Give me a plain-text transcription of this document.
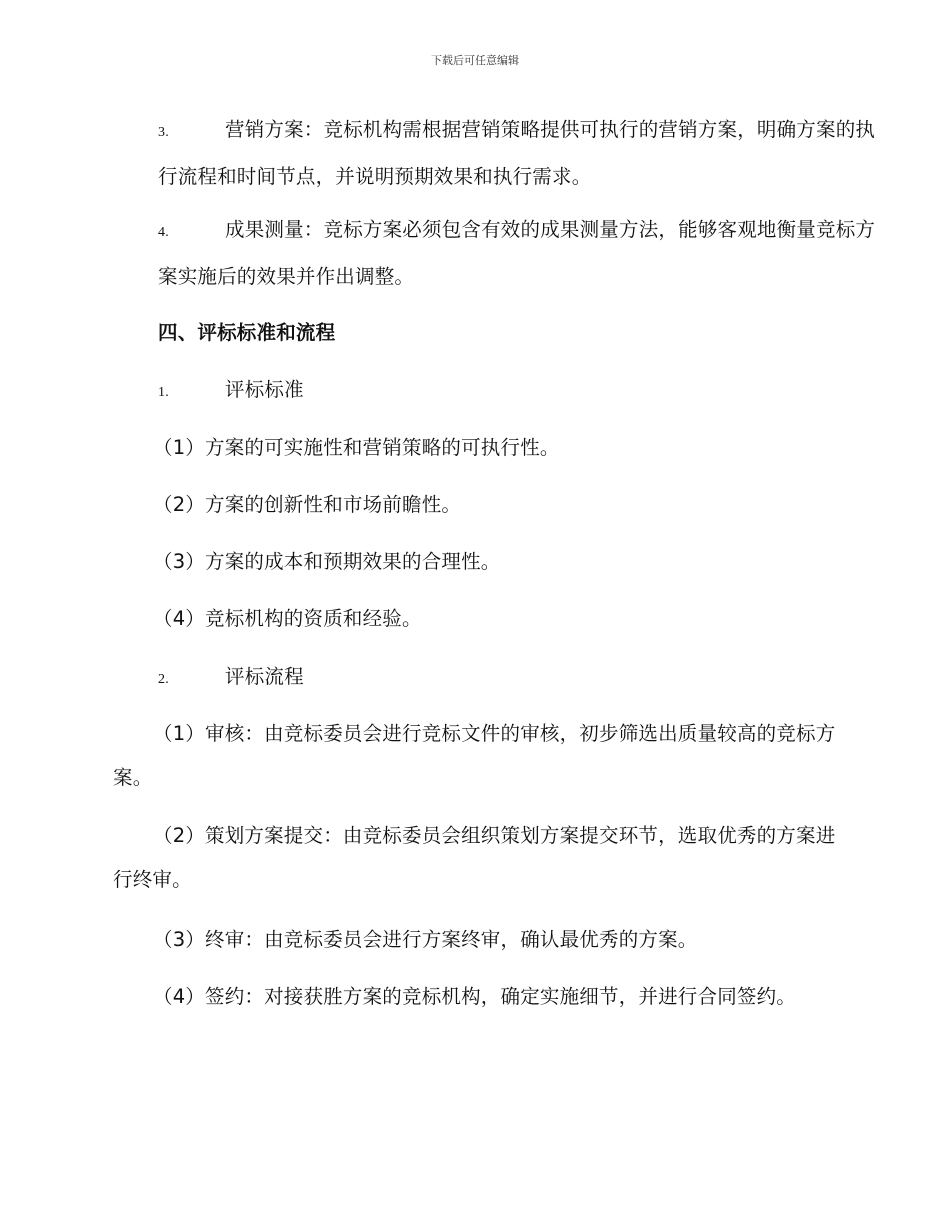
下载后可任意编辑
3.	营销方案：竞标机构需根据营销策略提供可执行的营销方案，明确方案的执行流程和时间节点，并说明预期效果和执行需求。
4.	成果测量：竞标方案必须包含有效的成果测量方法，能够客观地衡量竞标方案实施后的效果并作出调整。
四、评标标准和流程
1.	评标标准
（1）方案的可实施性和营销策略的可执行性。
（2）方案的创新性和市场前瞻性。
（3）方案的成本和预期效果的合理性。
（4）竞标机构的资质和经验。
2.	评标流程
（1）审核：由竞标委员会进行竞标文件的审核，初步筛选出质量较高的竞标方案。
（2）策划方案提交：由竞标委员会组织策划方案提交环节，选取优秀的方案进行终审。
（3）终审：由竞标委员会进行方案终审，确认最优秀的方案。
（4）签约：对接获胜方案的竞标机构，确定实施细节，并进行合同签约。
